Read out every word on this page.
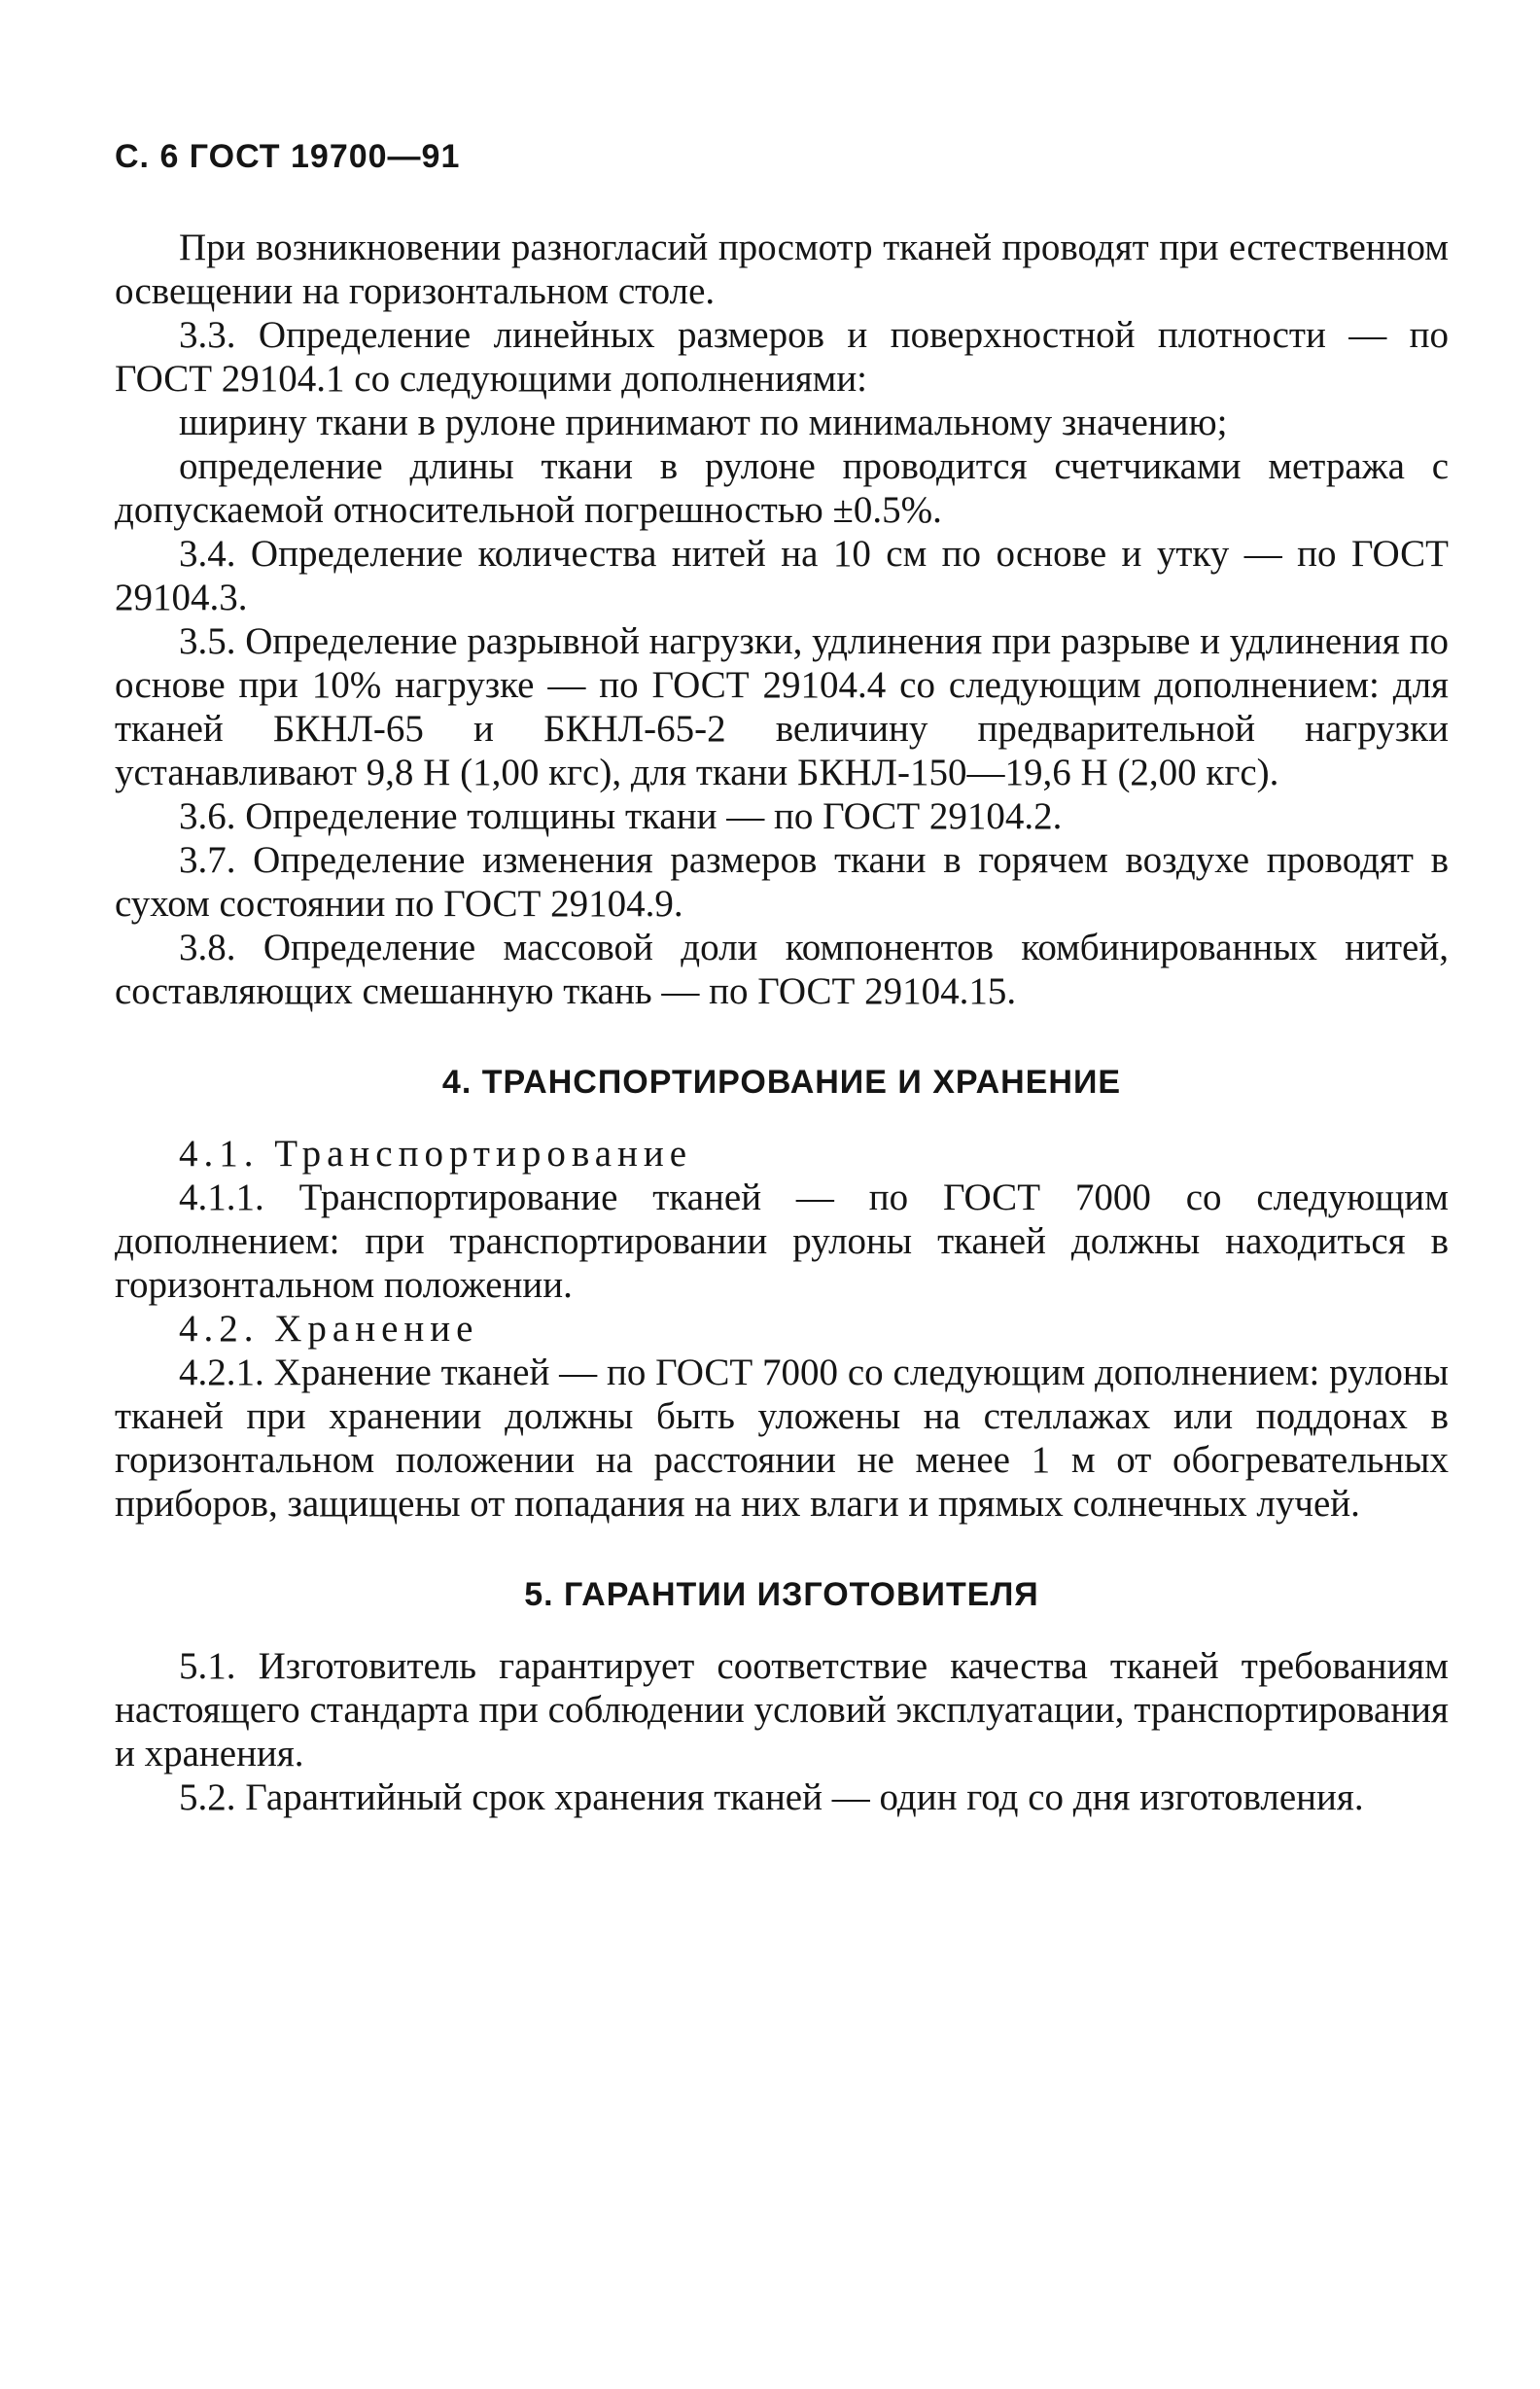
С. 6 ГОСТ 19700—91

При возникновении разногласий просмотр тканей проводят при естественном освещении на горизонтальном столе.

3.3. Определение линейных размеров и поверхностной плотности — по ГОСТ 29104.1 со следующими дополнениями:

ширину ткани в рулоне принимают по минимальному значению;

определение длины ткани в рулоне проводится счетчиками метража с допускаемой относительной погрешностью ±0.5%.

3.4. Определение количества нитей на 10 см по основе и утку — по ГОСТ 29104.3.

3.5. Определение разрывной нагрузки, удлинения при разрыве и удлинения по основе при 10% нагрузке — по ГОСТ 29104.4 со следующим дополнением: для тканей БКНЛ-65 и БКНЛ-65-2 величину предварительной нагрузки устанавливают 9,8 Н (1,00 кгс), для ткани БКНЛ-150—19,6 Н (2,00 кгс).

3.6. Определение толщины ткани — по ГОСТ 29104.2.

3.7. Определение изменения размеров ткани в горячем воздухе проводят в сухом состоянии по ГОСТ 29104.9.

3.8. Определение массовой доли компонентов комбинированных нитей, составляющих смешанную ткань — по ГОСТ 29104.15.

4. ТРАНСПОРТИРОВАНИЕ И ХРАНЕНИЕ

4.1. Транспортирование

4.1.1. Транспортирование тканей — по ГОСТ 7000 со следующим дополнением: при транспортировании рулоны тканей должны находиться в горизонтальном положении.

4.2. Хранение

4.2.1. Хранение тканей — по ГОСТ 7000 со следующим дополнением: рулоны тканей при хранении должны быть уложены на стеллажах или поддонах в горизонтальном положении на расстоянии не менее 1 м от обогревательных приборов, защищены от попадания на них влаги и прямых солнечных лучей.

5. ГАРАНТИИ ИЗГОТОВИТЕЛЯ

5.1. Изготовитель гарантирует соответствие качества тканей требованиям настоящего стандарта при соблюдении условий эксплуатации, транспортирования и хранения.

5.2. Гарантийный срок хранения тканей — один год со дня изготовления.
